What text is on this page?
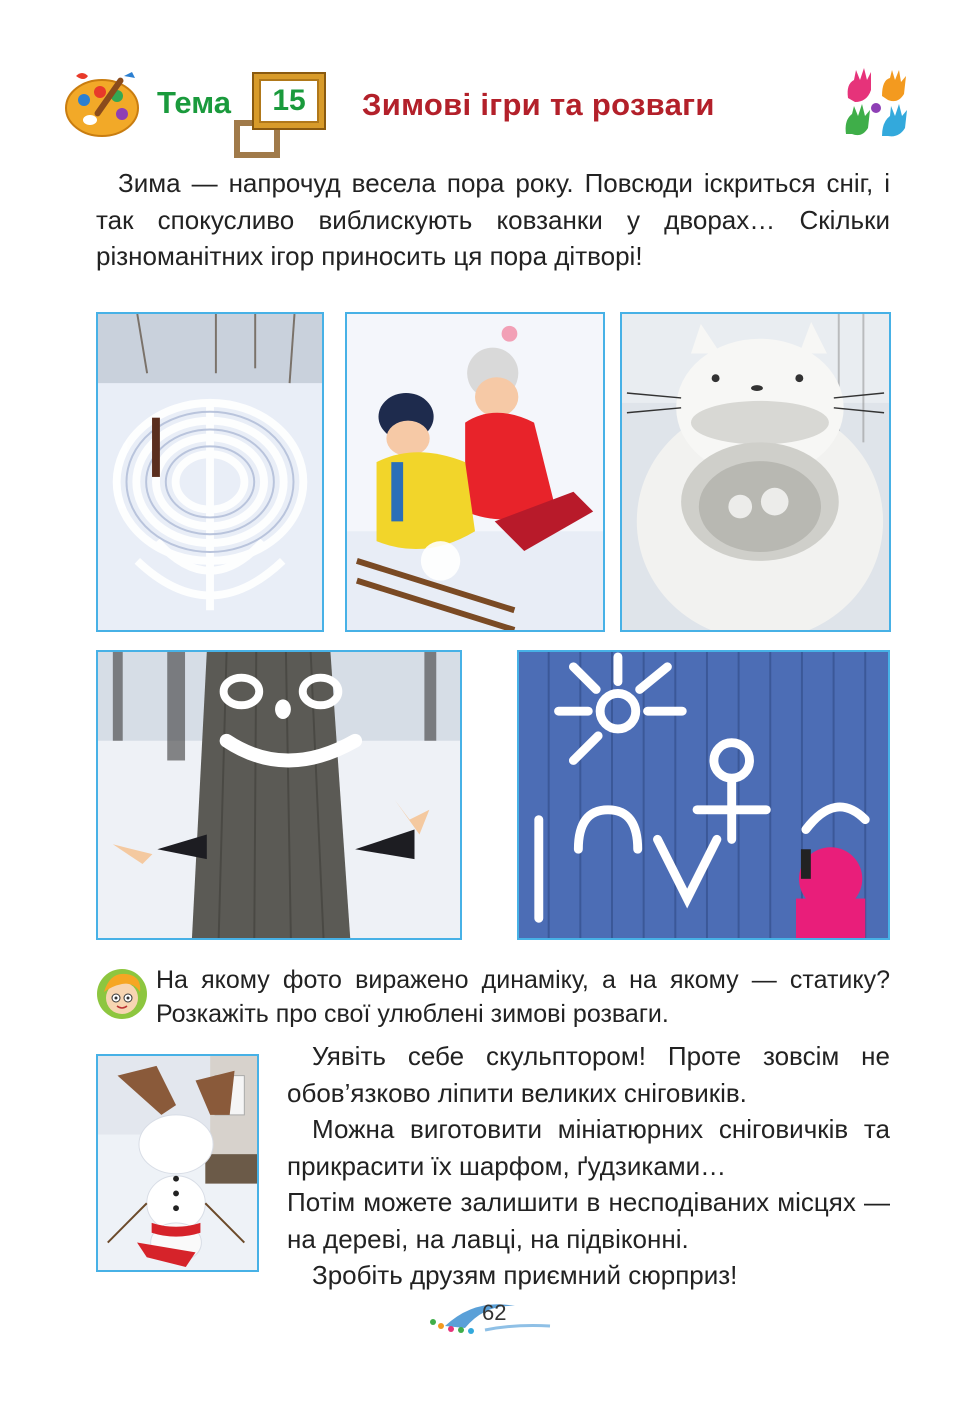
Тема	15	Зимові ігри та розваги
Зима — напрочуд весела пора року. Повсюди іскриться сніг, і так спокусливо виблискують ковзанки у дворах… Скільки різноманітних ігор приносить ця пора дітворі!
На якому фото виражено динаміку, а на якому — статику? Розкажіть про свої улюблені зимові розваги.

Уявіть себе скульптором! Проте зовсім не обов’язково ліпити великих сніговиків.

Можна виготовити мініатюрних сніговичків та прикрасити їх шарфом, ґудзиками…

Потім можете залишити в несподіваних місцях — на дереві, на лавці, на підвіконні.

Зробіть друзям приємний сюрприз!

62
